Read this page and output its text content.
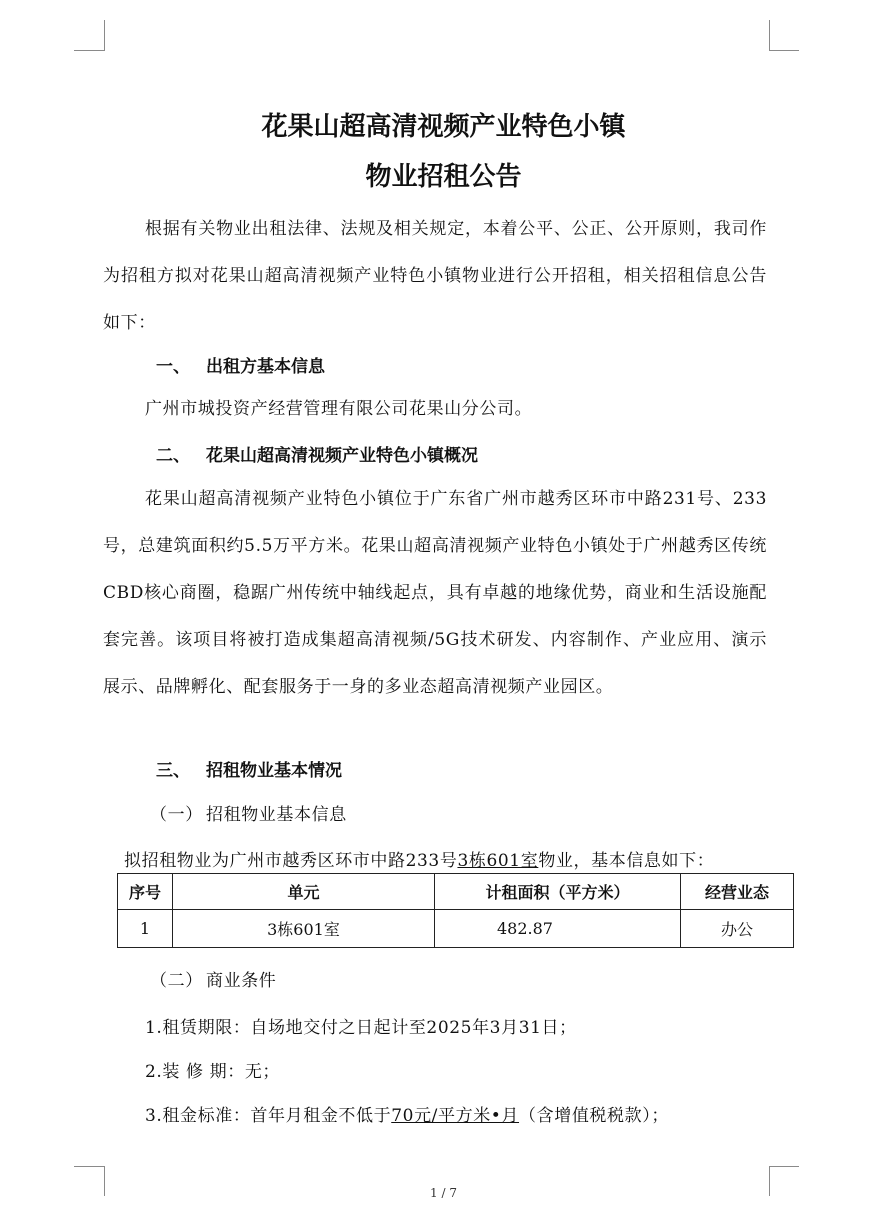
花果山超高清视频产业特色小镇
物业招租公告
根据有关物业出租法律、法规及相关规定，本着公平、公正、公开原则，我司作为招租方拟对花果山超高清视频产业特色小镇物业进行公开招租，相关招租信息公告如下：
一、 出租方基本信息
广州市城投资产经营管理有限公司花果山分公司。
二、 花果山超高清视频产业特色小镇概况
花果山超高清视频产业特色小镇位于广东省广州市越秀区环市中路231号、233号，总建筑面积约5.5万平方米。花果山超高清视频产业特色小镇处于广州越秀区传统CBD核心商圈，稳踞广州传统中轴线起点，具有卓越的地缘优势，商业和生活设施配套完善。该项目将被打造成集超高清视频/5G技术研发、内容制作、产业应用、演示展示、品牌孵化、配套服务于一身的多业态超高清视频产业园区。
三、 招租物业基本情况
（一） 招租物业基本信息
拟招租物业为广州市越秀区环市中路233号3栋601室物业，基本信息如下：
序号	单元	计租面积（平方米）	经营业态
1	3栋601室	482.87	办公
（二） 商业条件
1.租赁期限：自场地交付之日起计至2025年3月31日；
2.装 修 期：无；
3.租金标准：首年月租金不低于70元/平方米•月（含增值税税款）；
1 / 7
